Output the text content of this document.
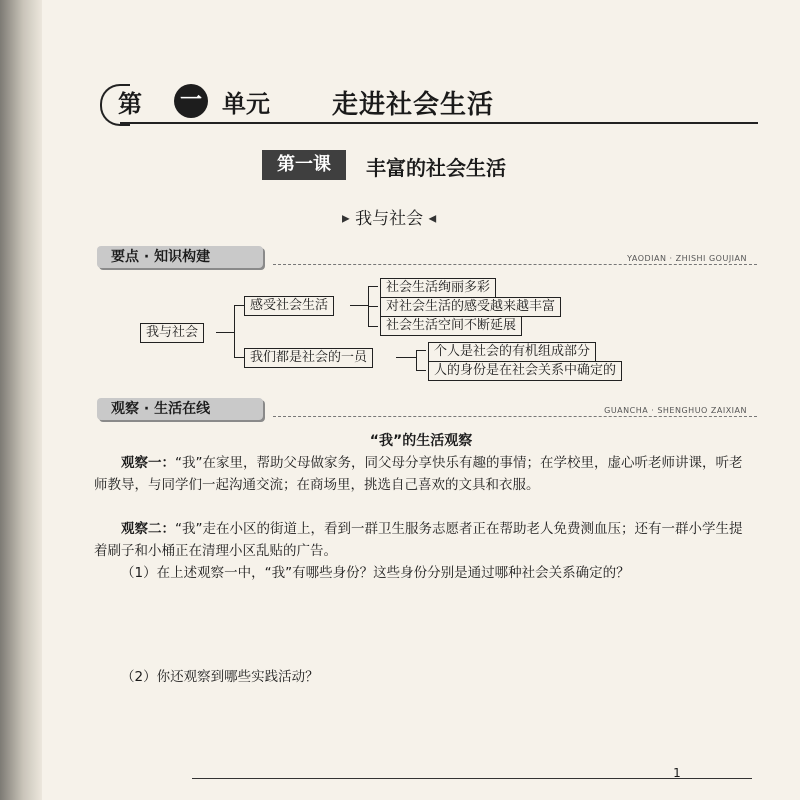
第 一 单元 走进社会生活
第一课	丰富的社会生活
▶ 我与社会 ◀
要点 · 知识构建	YAODIAN · ZHISHI GOUJIAN
我与社会
感受社会生活
社会生活绚丽多彩
对社会生活的感受越来越丰富
社会生活空间不断延展
我们都是社会的一员	个人是社会的有机组成部分
人的身份是在社会关系中确定的
观察 · 生活在线	GUANCHA · SHENGHUO ZAIXIAN
“我”的生活观察
观察一：“我”在家里，帮助父母做家务，同父母分享快乐有趣的事情；在学校里，虚心听老师讲课，听老师教导，与同学们一起沟通交流；在商场里，挑选自己喜欢的文具和衣服。
观察二：“我”走在小区的街道上，看到一群卫生服务志愿者正在帮助老人免费测血压；还有一群小学生提着刷子和小桶正在清理小区乱贴的广告。
（1）在上述观察一中，“我”有哪些身份？这些身份分别是通过哪种社会关系确定的？
（2）你还观察到哪些实践活动？
1
